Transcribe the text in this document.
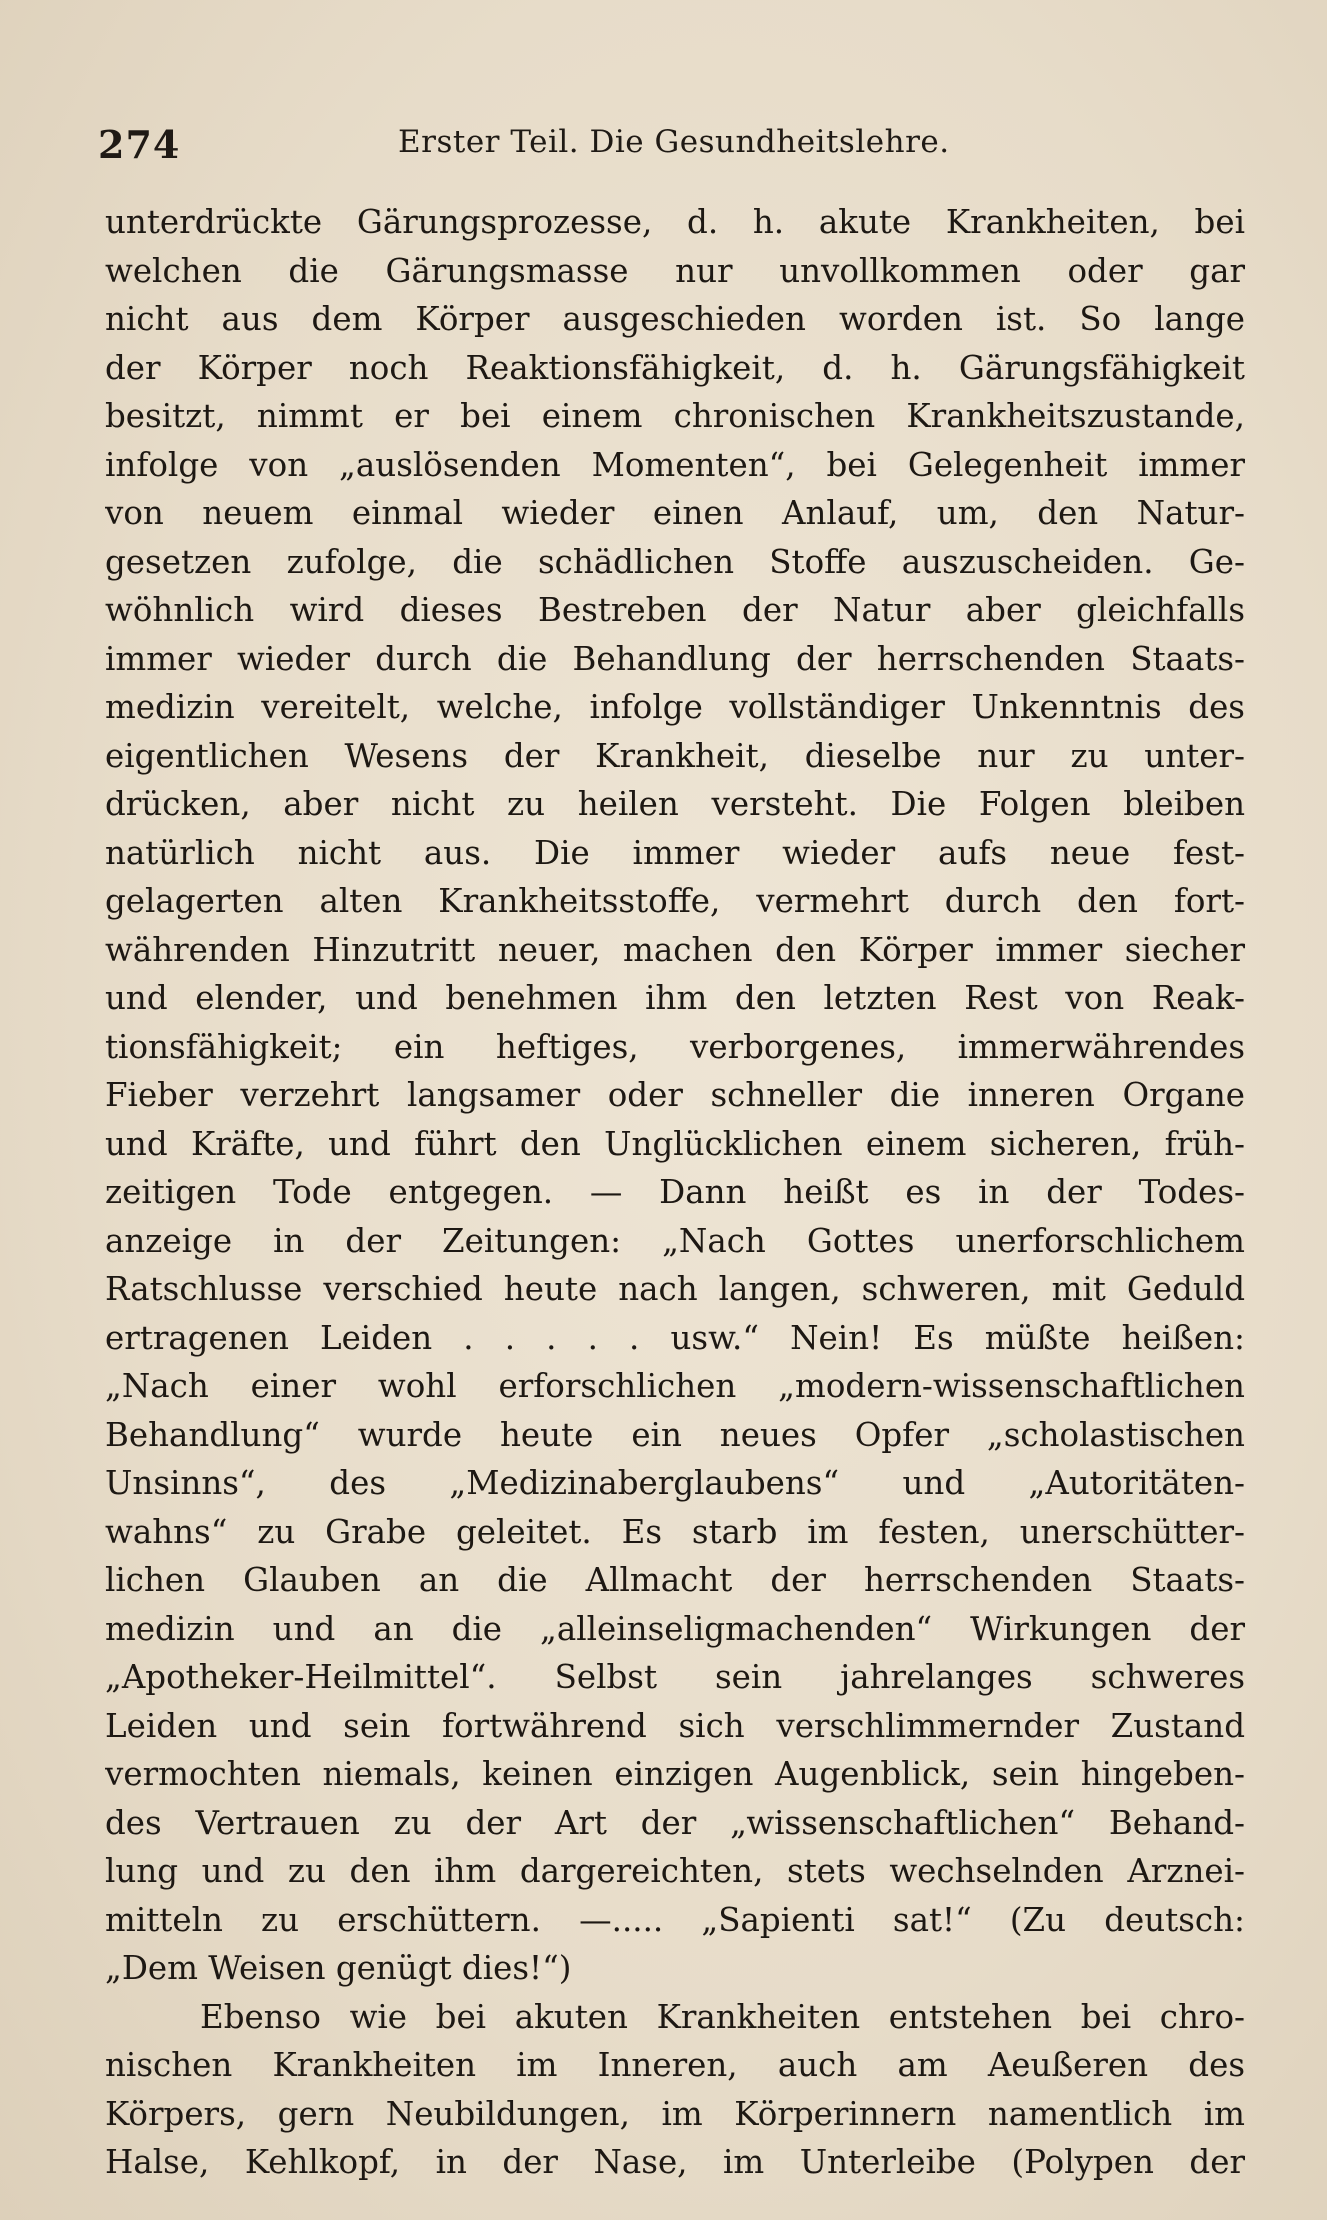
274	Erster Teil. Die Gesundheitslehre.
unterdrückte Gärungsprozesse, d. h. akute Krankheiten, bei
welchen die Gärungsmasse nur unvollkommen oder gar
nicht aus dem Körper ausgeschieden worden ist. So lange
der Körper noch Reaktionsfähigkeit, d. h. Gärungsfähigkeit
besitzt, nimmt er bei einem chronischen Krankheitszustande,
infolge von „auslösenden Momenten“, bei Gelegenheit immer
von neuem einmal wieder einen Anlauf, um, den Natur-
gesetzen zufolge, die schädlichen Stoffe auszuscheiden. Ge-
wöhnlich wird dieses Bestreben der Natur aber gleichfalls
immer wieder durch die Behandlung der herrschenden Staats-
medizin vereitelt, welche, infolge vollständiger Unkenntnis des
eigentlichen Wesens der Krankheit, dieselbe nur zu unter-
drücken, aber nicht zu heilen versteht. Die Folgen bleiben
natürlich nicht aus. Die immer wieder aufs neue fest-
gelagerten alten Krankheitsstoffe, vermehrt durch den fort-
währenden Hinzutritt neuer, machen den Körper immer siecher
und elender, und benehmen ihm den letzten Rest von Reak-
tionsfähigkeit; ein heftiges, verborgenes, immerwährendes
Fieber verzehrt langsamer oder schneller die inneren Organe
und Kräfte, und führt den Unglücklichen einem sicheren, früh-
zeitigen Tode entgegen. — Dann heißt es in der Todes-
anzeige in der Zeitungen: „Nach Gottes unerforschlichem
Ratschlusse verschied heute nach langen, schweren, mit Geduld
ertragenen Leiden . . . . . usw.“ Nein! Es müßte heißen:
„Nach einer wohl erforschlichen „modern-wissenschaftlichen
Behandlung“ wurde heute ein neues Opfer „scholastischen
Unsinns“, des „Medizinaberglaubens“ und „Autoritäten-
wahns“ zu Grabe geleitet. Es starb im festen, unerschütter-
lichen Glauben an die Allmacht der herrschenden Staats-
medizin und an die „alleinseligmachenden“ Wirkungen der
„Apotheker-Heilmittel“. Selbst sein jahrelanges schweres
Leiden und sein fortwährend sich verschlimmernder Zustand
vermochten niemals, keinen einzigen Augenblick, sein hingeben-
des Vertrauen zu der Art der „wissenschaftlichen“ Behand-
lung und zu den ihm dargereichten, stets wechselnden Arznei-
mitteln zu erschüttern. —..... „Sapienti sat!“ (Zu deutsch:
„Dem Weisen genügt dies!“)
Ebenso wie bei akuten Krankheiten entstehen bei chro-
nischen Krankheiten im Inneren, auch am Aeußeren des
Körpers, gern Neubildungen, im Körperinnern namentlich im
Halse, Kehlkopf, in der Nase, im Unterleibe (Polypen der
